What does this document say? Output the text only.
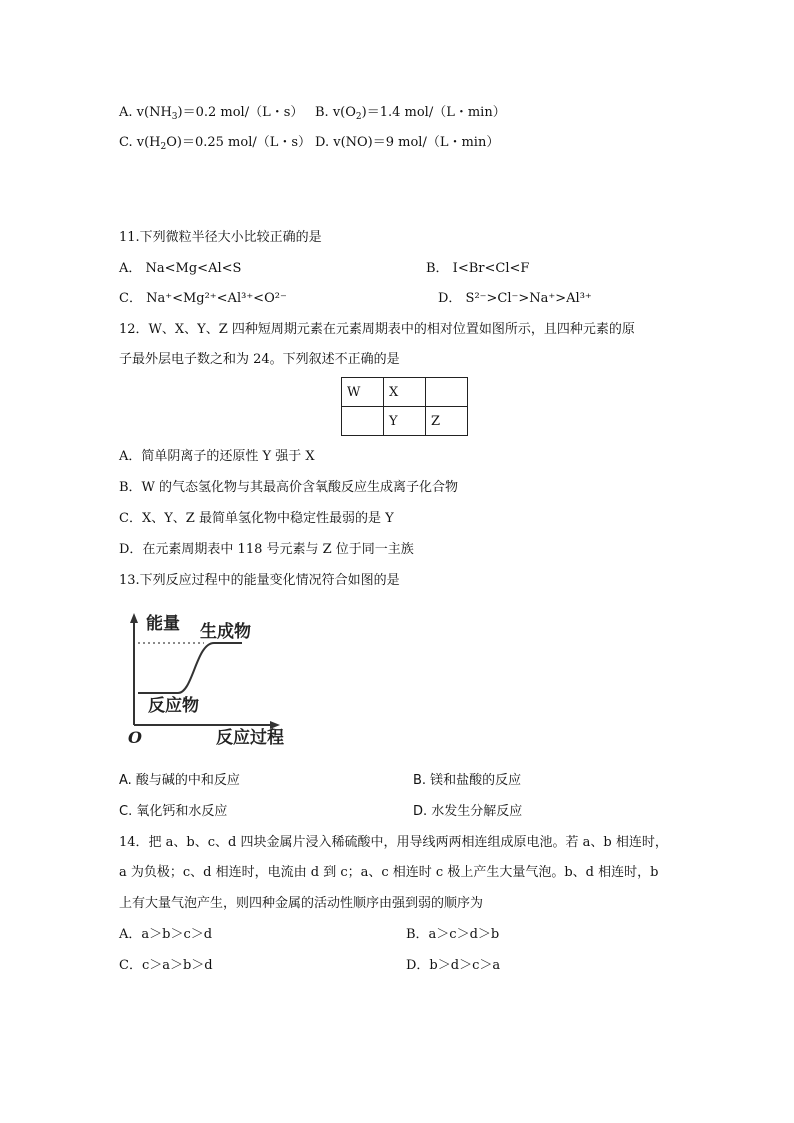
A. $v(NH_3)=0.2$ mol/（L・s） B. $v(O_2)=1.4$ mol/（L・min）
C. $v(H_2O)=0.25$ mol/（L・s） D. v(NO)＝9 mol/（L・min）
11.下列微粒半径大小比较正确的是
A． Na<Mg<Al<S	B． I<Br<Cl<F
C． Na⁺<Mg²⁺<Al³⁺<O²⁻	D． S²⁻>Cl⁻>Na⁺>Al³⁺
12．W、X、Y、Z 四种短周期元素在元素周期表中的相对位置如图所示，且四种元素的原
子最外层电子数之和为 24。下列叙述不正确的是
W	X	
	Y	Z
A．简单阴离子的还原性 Y 强于 X
B．W 的气态氢化物与其最高价含氧酸反应生成离子化合物
C．X、Y、Z 最简单氢化物中稳定性最弱的是 Y
D．在元素周期表中 118 号元素与 Z 位于同一主族
13.下列反应过程中的能量变化情况符合如图的是
能量 生成物
反应物
O	反应过程
A. 酸与碱的中和反应	B. 镁和盐酸的反应
C. 氧化钙和水反应	D. 水发生分解反应
14．把 a、b、c、d 四块金属片浸入稀硫酸中，用导线两两相连组成原电池。若 a、b 相连时，
a 为负极；c、d 相连时，电流由 d 到 c；a、c 相连时 c 极上产生大量气泡。b、d 相连时，b
上有大量气泡产生，则四种金属的活动性顺序由强到弱的顺序为
A．a＞b＞c＞d	B．a＞c＞d＞b
C．c＞a＞b＞d	D．b＞d＞c＞a
